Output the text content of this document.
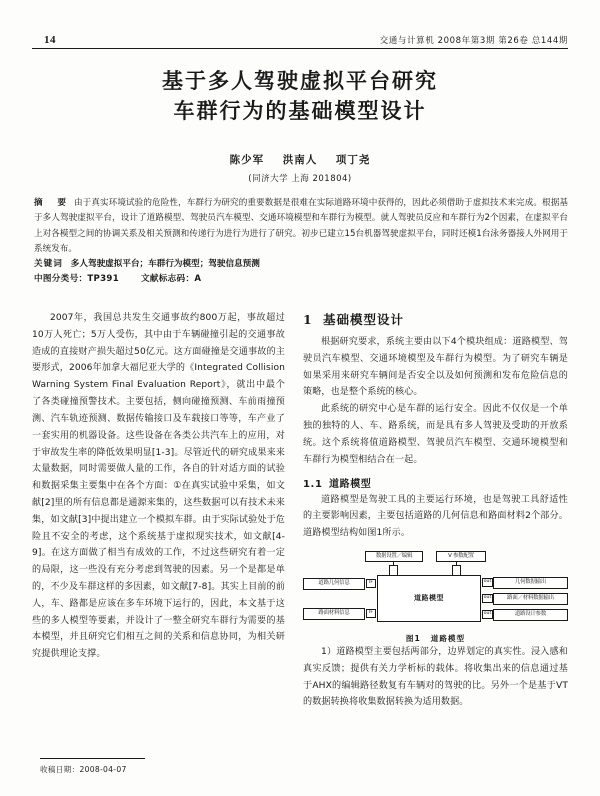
14	交通与计算机 2008年第3期 第26卷 总144期
基于多人驾驶虚拟平台研究
车群行为的基础模型设计
陈少军 洪南人 项丁尧
(同济大学 上海 201804)

摘　要 由于真实环境试验的危险性，车群行为研究的重要数据是很难在实际道路环境中获得的，因此必须借助于虚拟技术来完成。根据基于多人驾驶虚拟平台，设计了道路模型、驾驶员汽车模型、交通环境模型和车群行为模型。就人驾驶员反应和车群行为2个因素，在虚拟平台上对各模型之间的协调关系及相关预测和传递行为进行为进行了研究。初步已建立15台机器驾驶虚拟平台，同时还模1台泳务器接人外网用于系统发布。

关键词 多人驾驶虚拟平台；车群行为模型；驾驶信息预测

中图分类号：TP391	文献标志码：A

2007年，我国总共发生交通事故约800万起，事故超过10万人死亡；5万人受伤，其中由于车辆碰撞引起的交通事故造成的直接财产损失超过50亿元。这方面碰撞是交通事故的主要形式，2006年加拿大福尼亚大学的《Integrated Collision Warning System Final Evaluation Report》，就出中最个了各类碰撞预警技术。主要包括，侧向碰撞预测、车前雨撞预测、汽车轨迹预测、数据传输接口及车载接口等等，车产业了一套实用的机器设备。这些设备在各类公共汽车上的应用，对于审故发生率的降低效果明显[1-3]。尽管近代的研究成果来来太量数据，同时需要做人量的工作，各自的针对适方面的试验和数据采集主要集中在各个方面：①在真实试验中采集，如文献[2]里的所有信息都是通源来集的，这些数据可以有技术未来集，如文献[3]中提出建立一个模拟车群。由于实际试验处于危险且不安全的考虑，这个系统基于虚拟现实技术，如文献[4-9]。在这方面做了相当有成效的工作，不过这些研究有着一定的局限，这一些没有充分考虑到驾驶的因素。另一个是都是单的，不少及车群这样的多因素，如文献[7-8]。其实上目前的前人，车、路都是应该在多车环境下运行的，因此，本文基于这些的多人模型等要素，并设计了一整全研究车群行为需要的基本模型，并且研究它们相互之间的关系和信息协同，为相关研究提供理论支撑。

1 基础模型设计

根据研究要求，系统主要由以下4个模块组成：道路模型、驾驶员汽车模型、交通环境模型及车群行为模型。为了研究车辆是如果采用来研究车辆间是否安全以及如何预测和发布危险信息的策略，也是整个系统的核心。

此系统的研究中心是车群的运行安全。因此不仅仅是一个单独的独特的人、车、路系统，而是具有多人驾驶及受助的开放系统。这个系统将值道路模型、驾驶员汽车模型、交通环境模型和车群行为模型相结合在一起。

1.1 道路模型

道路模型是驾驶工具的主要运行环境，也是驾驶工具舒适性的主要影响因素，主要包括道路的几何信息和路面材料2个部分。道路模型结构如图1所示。

数据设置／编辑	V 参数配置
道路几何信息
路面材料信息
IF
IF
道路模型
out
out
out
几何数据输出
路面／材料数据输出
道路设计参数
图1 道路模型

1）道路模型主要包括两部分，边界划定的真实性。浸入感和真实反馈；提供有关力学析标的载体。将收集出来的信息通过基于AHX的编辑路径数复有车辆对的驾驶的比。另外一个是基于VT的数据转换将收集数据转换为适用数据。

收稿日期：2008-04-07
